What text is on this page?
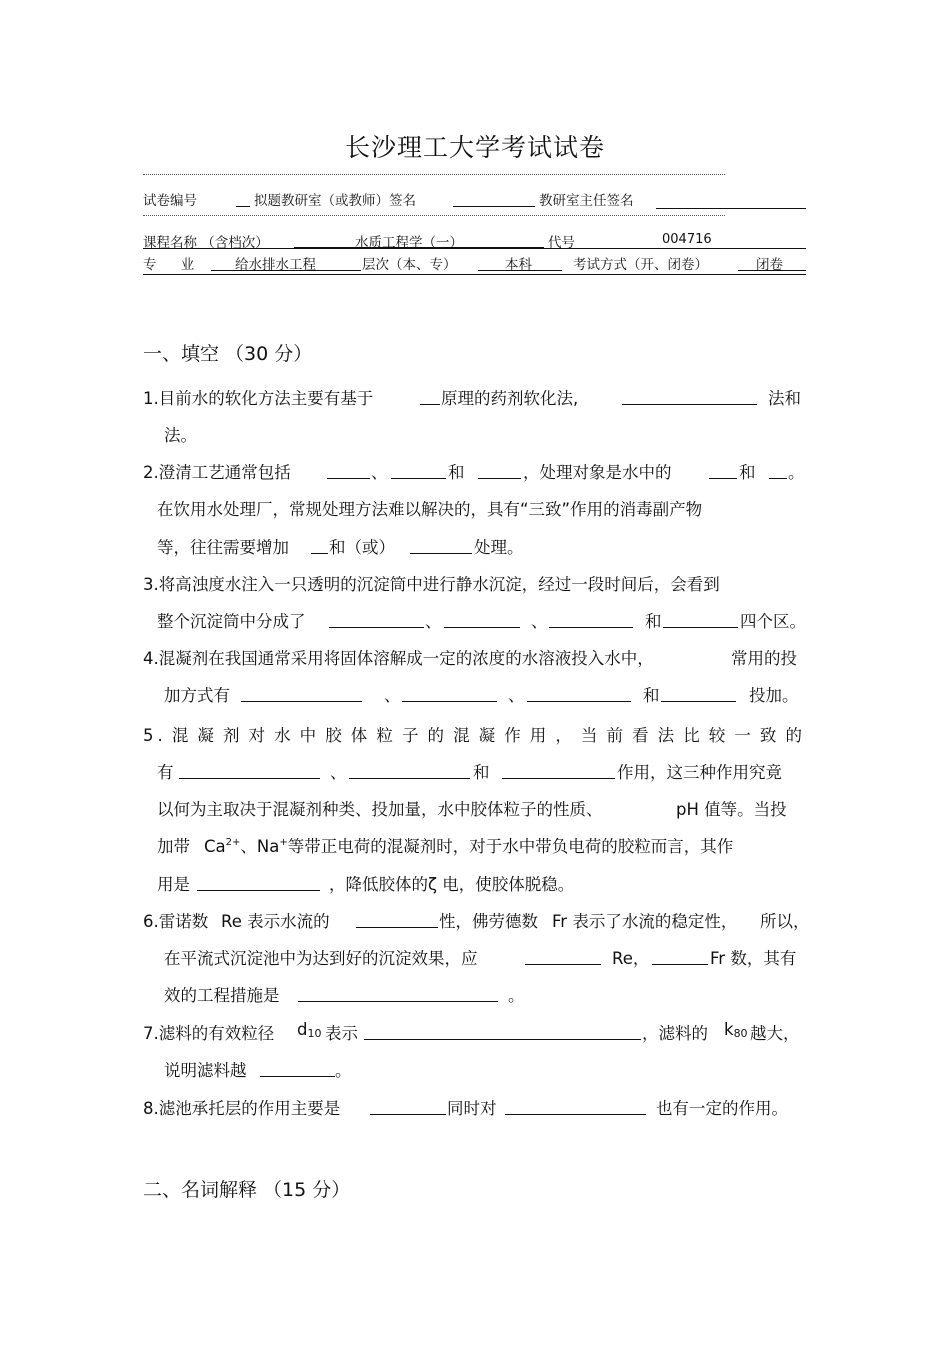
长沙理工大学考试试卷
试卷编号	拟题教研室（或教师）签名	教研室主任签名
课程名称 （含档次）	水质工程学（一）	代号	004716
专 业	给水排水工程	层次（本、专）	本科	考试方式（开、闭卷）	闭卷
一、填空 （30 分）
1.目前水的软化方法主要有基于	原理的药剂软化法,	法和
法。
2.澄清工艺通常包括	、	和	，处理对象是水中的	和 。
在饮用水处理厂，常规处理方法难以解决的，具有“三致”作用的消毒副产物
等，往往需要增加 和（或）	处理。
3.将高浊度水注入一只透明的沉淀筒中进行静水沉淀，经过一段时间后，会看到
整个沉淀筒中分成了	、	、	和	四个区。
4.混凝剂在我国通常采用将固体溶解成一定的浓度的水溶液投入水中，	常用的投
加方式有	、	、	和	投加。
5.混凝剂对水中胶体粒子的混凝作用，当前看法比较一致的
有	、	和	作用，这三种作用究竟
以何为主取决于混凝剂种类、投加量，水中胶体粒子的性质、	pH 值等。当投
加带 $Ca^{2+}$、Na+等带正电荷的混凝剂时，对于水中带负电荷的胶粒而言，其作
用是	，降低胶体的ζ 电，使胶体脱稳。
6.雷诺数 Re 表示水流的	性，佛劳德数 Fr 表示了水流的稳定性， 所以，
在平流式沉淀池中为达到好的沉淀效果，应	Re，	Fr 数，其有
效的工程措施是	。
7.滤料的有效粒径 $d_{10}$ 表示	，滤料的 $k_{80}$ 越大，
说明滤料越	。
8.滤池承托层的作用主要是	同时对	也有一定的作用。
二、名词解释 （15 分）
